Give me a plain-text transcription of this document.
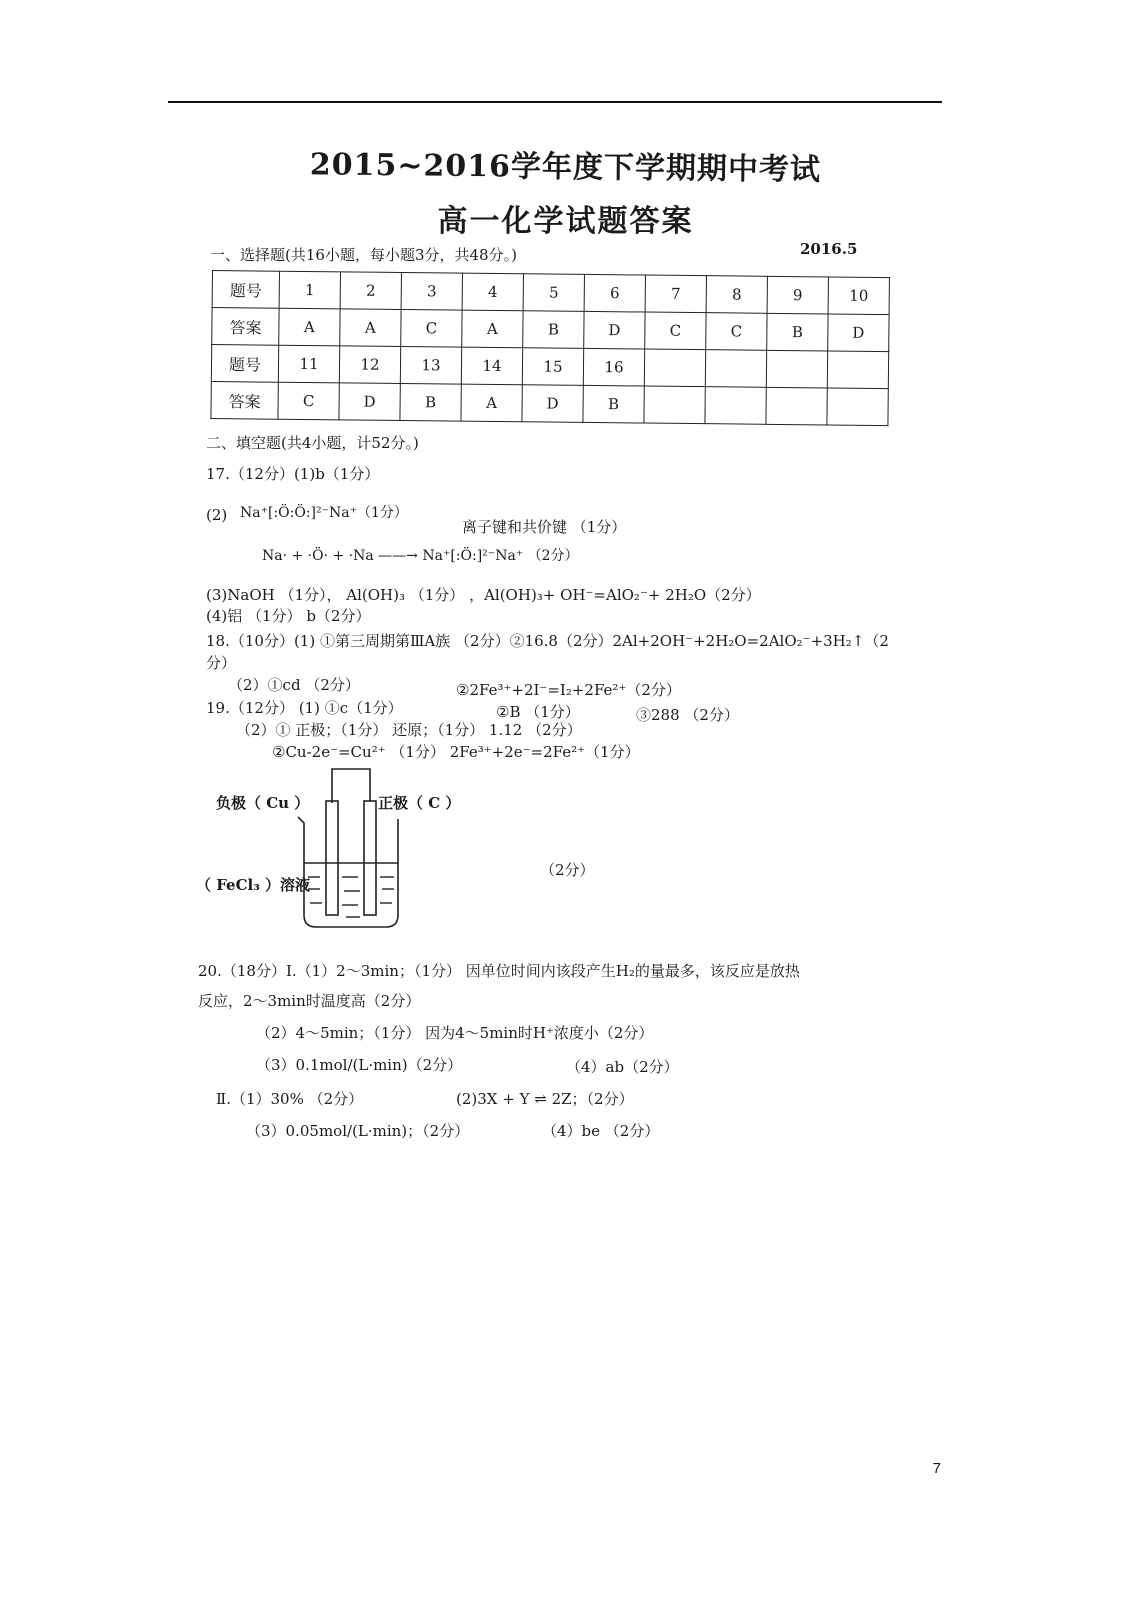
2015~2016学年度下学期期中考试
高一化学试题答案
2016.5
一、选择题(共16小题，每小题3分，共48分。)
题号	1	2	3	4	5	6	7	8	9	10
答案	A	A	C	A	B	D	C	C	B	D
题号	11	12	13	14	15	16				
答案	C	D	B	A	D	B				
二、填空题(共4小题，计52分。)
17.（12分）(1)b（1分）
(2) Na⁺[:Ö:Ö:]²⁻Na⁺（1分）
离子键和共价键 （1分）
Na· + ·Ö· + ·Na ——→ Na⁺[:Ö:]²⁻Na⁺ （2分）
(3)NaOH （1分）， Al(OH)₃ （1分） ，Al(OH)₃+ OH⁻=AlO₂⁻+ 2H₂O（2分）
(4)铝 （1分） b（2分）
18.（10分）(1) ①第三周期第ⅢA族 （2分）②16.8（2分）2Al+2OH⁻+2H₂O=2AlO₂⁻+3H₂↑（2
分）
（2）①cd （2分）	②2Fe³⁺+2I⁻=I₂+2Fe²⁺（2分）
19.（12分） (1) ①c（1分）	②B （1分）	③288 （2分）
（2）① 正极；（1分） 还原；（1分） 1.12 （2分）
②Cu-2e⁻=Cu²⁺ （1分） 2Fe³⁺+2e⁻=2Fe²⁺（1分）
负极（ Cu ）	正极（ C ）
（ FeCl₃ ）溶液
（2分）
20.（18分）Ⅰ.（1）2～3min；（1分） 因单位时间内该段产生H₂的量最多，该反应是放热
反应，2～3min时温度高（2分）
（2）4～5min；（1分） 因为4～5min时H⁺浓度小（2分）
（3）0.1mol/(L·min)（2分）	（4）ab（2分）
Ⅱ.（1）30% （2分）	(2)3X + Y ⇌ 2Z；（2分）
（3）0.05mol/(L·min)；（2分）	（4）be （2分）
7
